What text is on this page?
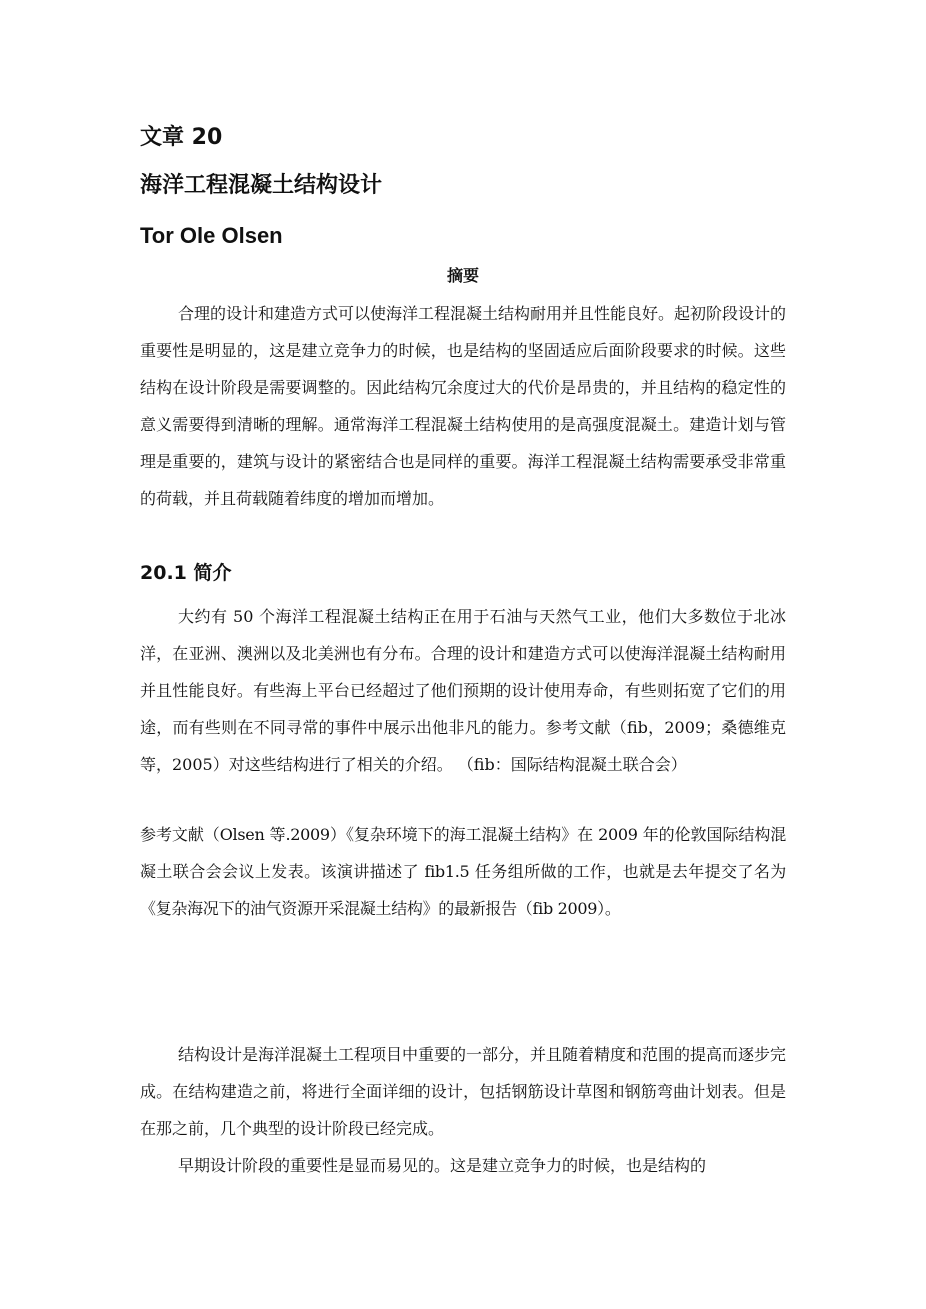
文章 20
海洋工程混凝土结构设计
Tor Ole Olsen
摘要

合理的设计和建造方式可以使海洋工程混凝土结构耐用并且性能良好。起初阶段设计的重要性是明显的，这是建立竞争力的时候，也是结构的坚固适应后面阶段要求的时候。这些结构在设计阶段是需要调整的。因此结构冗余度过大的代价是昂贵的，并且结构的稳定性的意义需要得到清晰的理解。通常海洋工程混凝土结构使用的是高强度混凝土。建造计划与管理是重要的，建筑与设计的紧密结合也是同样的重要。海洋工程混凝土结构需要承受非常重的荷载，并且荷载随着纬度的增加而增加。

20.1 简介

大约有 50 个海洋工程混凝土结构正在用于石油与天然气工业，他们大多数位于北冰洋，在亚洲、澳洲以及北美洲也有分布。合理的设计和建造方式可以使海洋混凝土结构耐用并且性能良好。有些海上平台已经超过了他们预期的设计使用寿命，有些则拓宽了它们的用途，而有些则在不同寻常的事件中展示出他非凡的能力。参考文献（fib，2009；桑德维克等，2005）对这些结构进行了相关的介绍。 （fib：国际结构混凝土联合会）

参考文献（Olsen 等.2009）《复杂环境下的海工混凝土结构》在 2009 年的伦敦国际结构混凝土联合会会议上发表。该演讲描述了 fib1.5 任务组所做的工作，也就是去年提交了名为《复杂海况下的油气资源开采混凝土结构》的最新报告（fib 2009）。

结构设计是海洋混凝土工程项目中重要的一部分，并且随着精度和范围的提高而逐步完成。在结构建造之前，将进行全面详细的设计，包括钢筋设计草图和钢筋弯曲计划表。但是在那之前，几个典型的设计阶段已经完成。

早期设计阶段的重要性是显而易见的。这是建立竞争力的时候，也是结构的
